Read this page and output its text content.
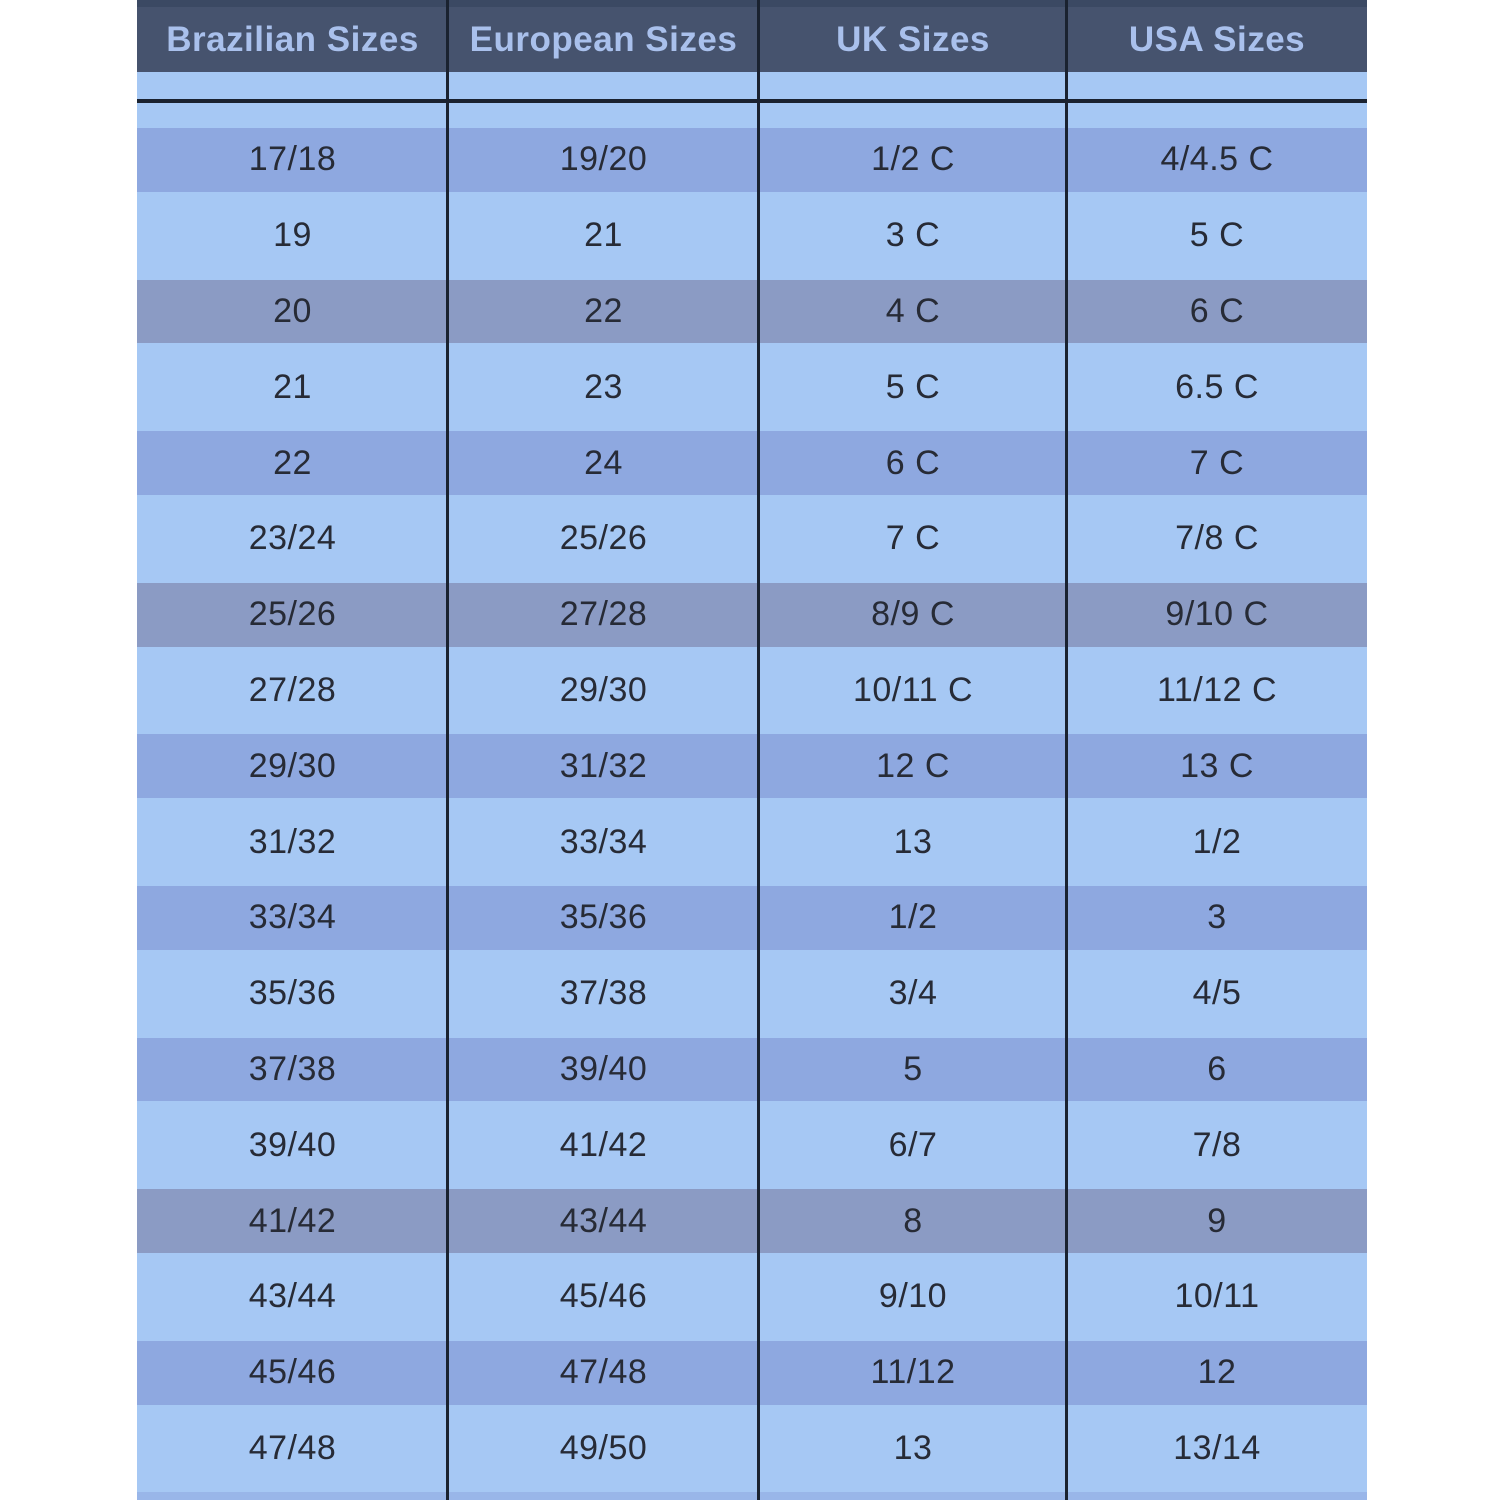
Brazilian Sizes	European Sizes	UK Sizes	USA Sizes
17/18	19/20	1/2 C	4/4.5 C
19	21	3 C	5 C
20	22	4 C	6 C
21	23	5 C	6.5 C
22	24	6 C	7 C
23/24	25/26	7 C	7/8 C
25/26	27/28	8/9 C	9/10 C
27/28	29/30	10/11 C	11/12 C
29/30	31/32	12 C	13 C
31/32	33/34	13	1/2
33/34	35/36	1/2	3
35/36	37/38	3/4	4/5
37/38	39/40	5	6
39/40	41/42	6/7	7/8
41/42	43/44	8	9
43/44	45/46	9/10	10/11
45/46	47/48	11/12	12
47/48	49/50	13	13/14
